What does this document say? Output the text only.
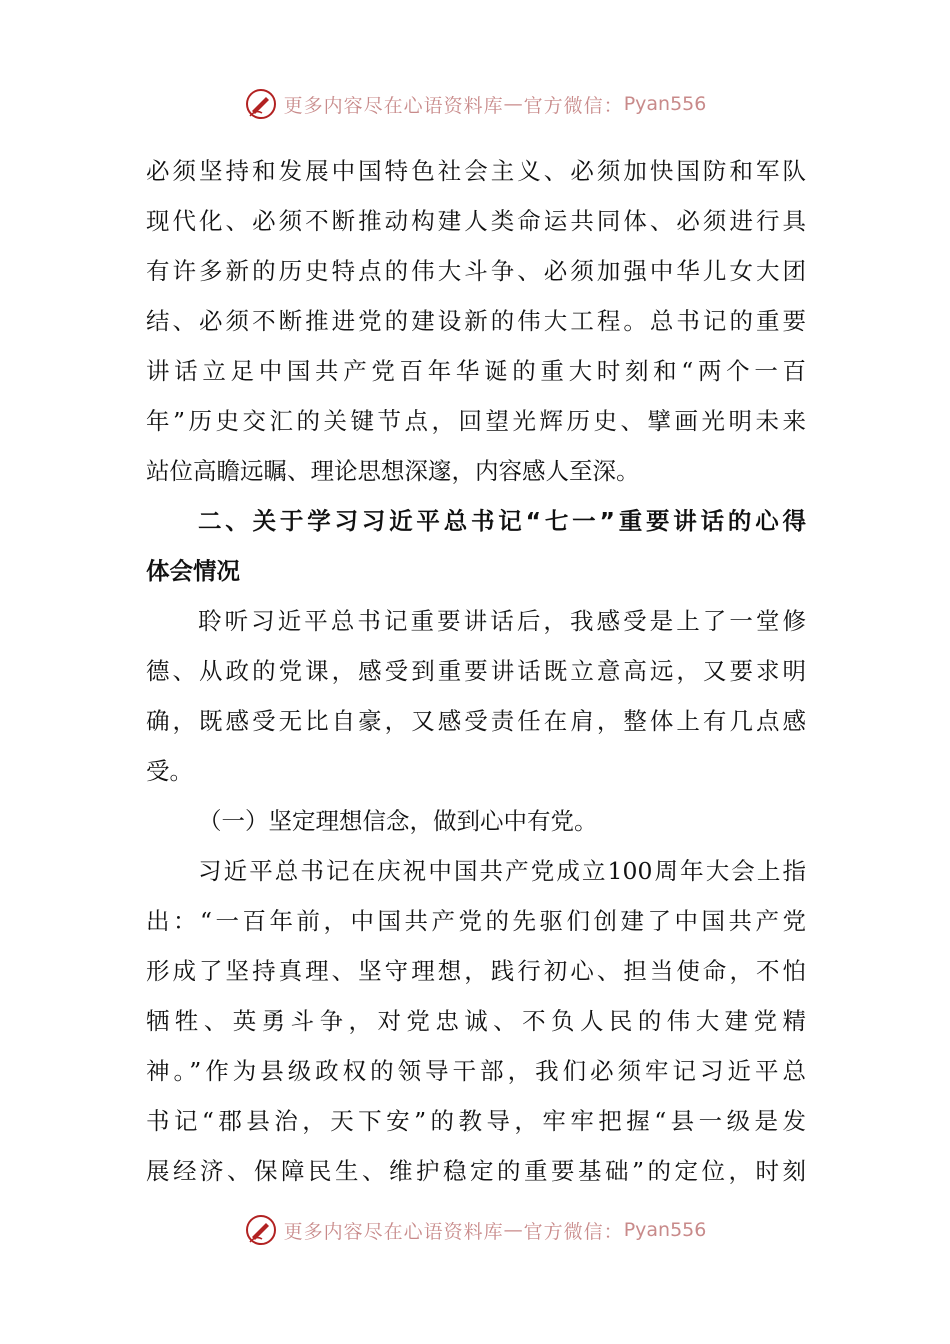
更多内容尽在心语资料库 — 官方微信： Pyan556
必须坚持和发展中国特色社会主义、必须加快国防和军队
现代化、必须不断推动构建人类命运共同体、必须进行具
有许多新的历史特点的伟大斗争、必须加强中华儿女大团
结、必须不断推进党的建设新的伟大工程。总书记的重要
讲话立足中国共产党百年华诞的重大时刻和“两个一百
年”历史交汇的关键节点，回望光辉历史、擘画光明未来
站位高瞻远瞩、理论思想深邃，内容感人至深。
二、关于学习习近平总书记“七一”重要讲话的心得
体会情况
聆听习近平总书记重要讲话后，我感受是上了一堂修
德、从政的党课，感受到重要讲话既立意高远，又要求明
确，既感受无比自豪，又感受责任在肩，整体上有几点感
受。
（一）坚定理想信念，做到心中有党。
习近平总书记在庆祝中国共产党成立100周年大会上指
出：“一百年前，中国共产党的先驱们创建了中国共产党
形成了坚持真理、坚守理想，践行初心、担当使命，不怕
牺牲、英勇斗争，对党忠诚、不负人民的伟大建党精
神。”作为县级政权的领导干部，我们必须牢记习近平总
书记“郡县治，天下安”的教导，牢牢把握“县一级是发
展经济、保障民生、维护稳定的重要基础”的定位，时刻
更多内容尽在心语资料库 — 官方微信： Pyan556
